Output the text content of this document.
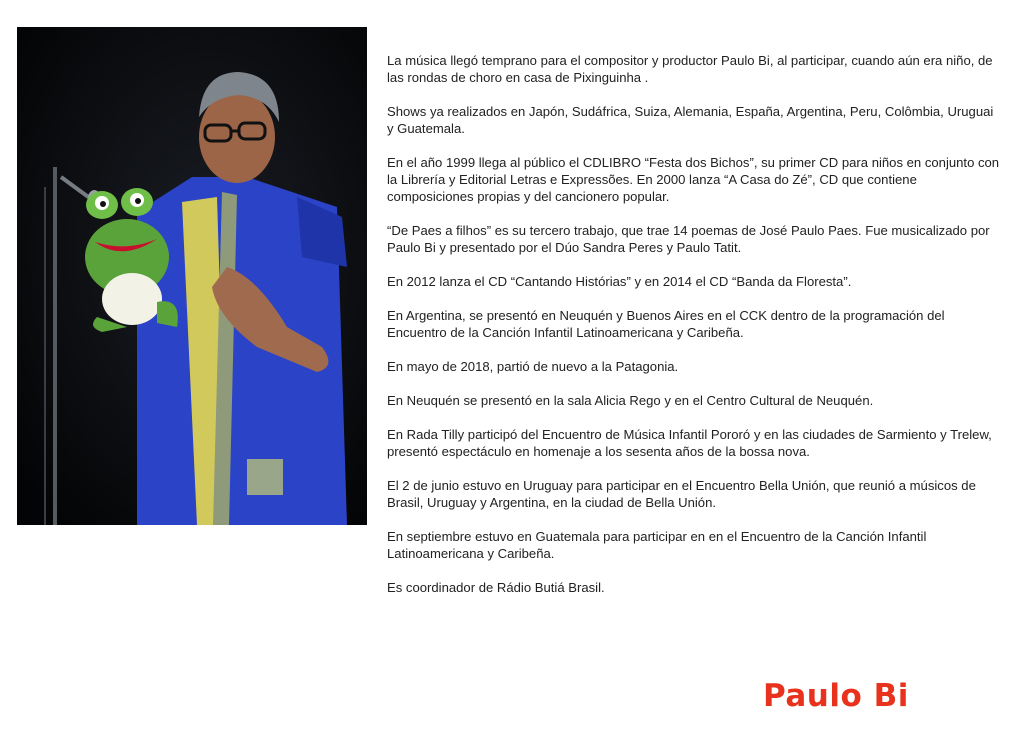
La música llegó temprano para el compositor y productor Paulo Bi, al participar, cuando aún era niño, de las rondas de choro en casa de Pixinguinha .

Shows ya realizados en Japón, Sudáfrica, Suiza, Alemania, España, Argentina, Peru, Colômbia, Uruguai y Guatemala.

En el año 1999 llega al público el CDLIBRO “Festa dos Bichos”, su primer CD para niños en conjunto con la Librería y Editorial Letras e Expressões. En 2000 lanza “A Casa do Zé”, CD que contiene composiciones propias y del cancionero popular.

“De Paes a filhos” es su tercero trabajo, que trae 14 poemas de José Paulo Paes. Fue musicalizado por Paulo Bi y presentado por el Dúo Sandra Peres y Paulo Tatit.

En 2012 lanza el CD “Cantando Histórias” y en 2014 el CD “Banda da Floresta”.

En Argentina, se presentó en Neuquén y Buenos Aires en el CCK dentro de la programación del Encuentro de la Canción Infantil Latinoamericana y Caribeña.

En mayo de 2018, partió de nuevo a la Patagonia.

En Neuquén se presentó en la sala Alicia Rego y en el Centro Cultural de Neuquén.

En Rada Tilly participó del Encuentro de Música Infantil Pororó y en las ciudades de Sarmiento y Trelew, presentó espectáculo en homenaje a los sesenta años de la bossa nova.

El 2 de junio estuvo en Uruguay para participar en el Encuentro Bella Unión, que reunió a músicos de Brasil, Uruguay y Argentina, en la ciudad de Bella Unión.

En septiembre estuvo en Guatemala para participar en en el Encuentro de la Canción Infantil Latinoamericana y Caribeña.

Es coordinador de Rádio Butiá Brasil.

Paulo Bi
